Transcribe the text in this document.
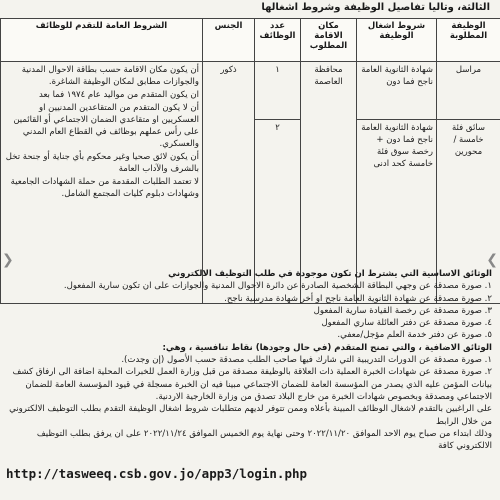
الثالثة، وتاليا تفاصيل الوظيفة وشروط اشغالها
الوظيفة المطلوبة	شروط اشغال الوظيفة	مكان الاقامة المطلوب	عدد الوظائف	الجنس	الشروط العامة للتقدم للوظائف
مراسل	شهادة الثانوية العامة ناجح فما دون	محافظة العاصمة	١	ذكور	أن يكون مكان الاقامة حسب بطاقة الاحوال المدنية والجوازات مطابق لمكان الوظيفة الشاغرة.
ان يكون المتقدم من مواليد عام ١٩٧٤ فما بعد
أن لا يكون المتقدم من المتقاعدين المدنيين او العسكريين او متقاعدي الضمان الاجتماعي أو القائمين على رأس عملهم بوظائف في القطاع العام المدني والعسكري.
أن يكون لائق صحيا وغير محكوم بأي جناية أو جنحة تخل بالشرف والآداب العامة
لا تعتمد الطلبات المقدمة من حملة الشهادات الجامعية وشهادات دبلوم كليات المجتمع الشامل.

سائق فئة خامسة / محورين	شهادة الثانوية العامة ناجح فما دون + رخصة سوق فئة خامسة كحد ادنى		٢		
❮	❯

الوثائق الاساسية التي يشترط ان تكون موجودة في طلب التوظيف الالكتروني

١. صورة مصدقة عن وجهي البطاقة الشخصية الصادرة عن دائرة الاحوال المدنية والجوازات على ان تكون سارية المفعول.

٢. صورة مصدقة عن شهادة الثانوية العامة ناجح او أخر شهادة مدرسية ناجح.

٣. صورة مصدقة عن رخصة القيادة سارية المفعول

٤. صورة مصدقة عن دفتر العائلة ساري المفعول

٥. صورة عن دفتر خدمة العلم مؤجل/معفي.

الوثائق الاضافية ، والتي تمنح المتقدم (في حال وجودها) نقاط تنافسية ، وهي:

١. صورة مصدقة عن الدورات التدريبية التي شارك فيها صاحب الطلب مصدقة حسب الأصول (إن وجدت).

٢. صورة مصدقة عن شهادات الخبرة العملية ذات العلاقة بالوظيفة مصدقة من قبل وزارة العمل للخبرات المحلية اضافة الى ارفاق كشف بيانات المؤمن عليه الذي يصدر من المؤسسة العامة للضمان الاجتماعي مبينا فيه ان الخبرة مسجلة في قيود المؤسسة العامة للضمان الاجتماعي ومصدقة وبخصوص شهادات الخبرة من خارج البلاد تصدق من وزارة الخارجية الاردنية.

على الراغبين بالتقدم لاشغال الوظائف المبينة بأعلاه وممن تتوفر لديهم متطلبات شروط اشغال الوظيفة التقدم بطلب التوظيف الالكتروني من خلال الرابط

وذلك ابتداء من صباح يوم الاحد الموافق ٢٠٢٢/١١/٢٠ وحتى نهاية يوم الخميس الموافق ٢٠٢٢/١١/٢٤ على ان يرفق بطلب التوظيف الالكتروني كافة

http://tasweeq.csb.gov.jo/app3/login.php
